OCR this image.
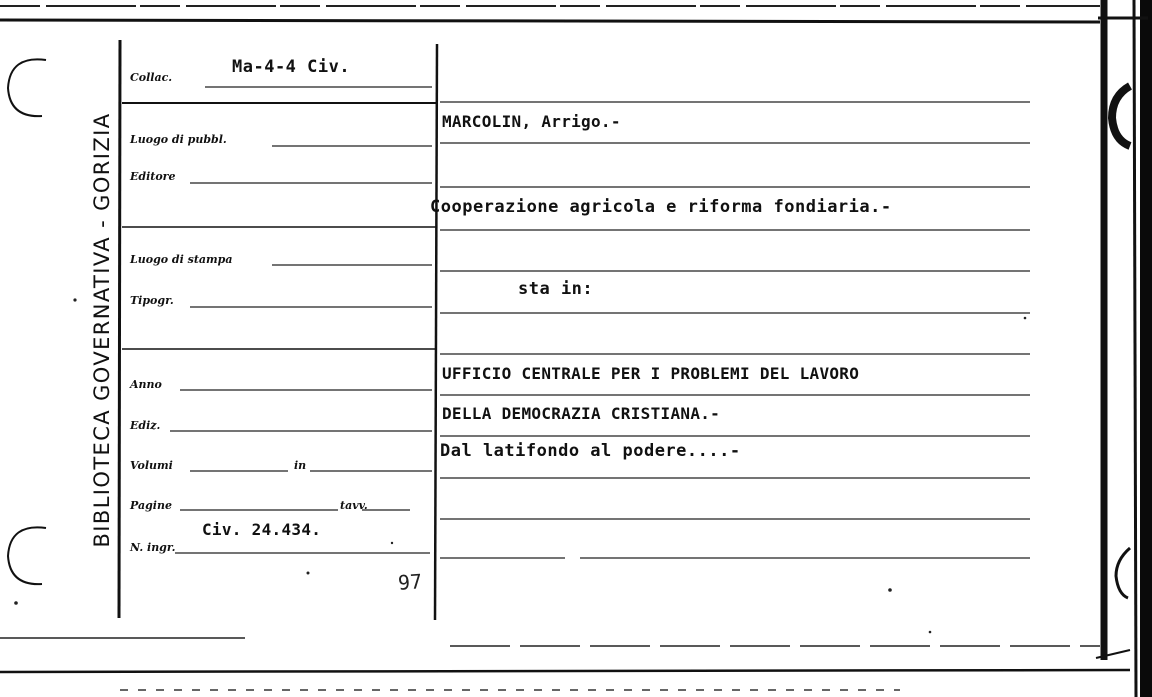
BIBLIOTECA GOVERNATIVA - GORIZIA
Collac.
Luogo di pubbl.
Editore
Luogo di stampa
Tipogr.
Anno
Ediz.
Volumi	in
Pagine	tavv.
N. ingr.
Ma-4-4 Civ.
Civ. 24.434.
97
MARCOLIN, Arrigo.-
Cooperazione agricola e riforma fondiaria.-
sta in:
UFFICIO CENTRALE PER I PROBLEMI DEL LAVORO
DELLA DEMOCRAZIA CRISTIANA.-
Dal latifondo al podere....-
